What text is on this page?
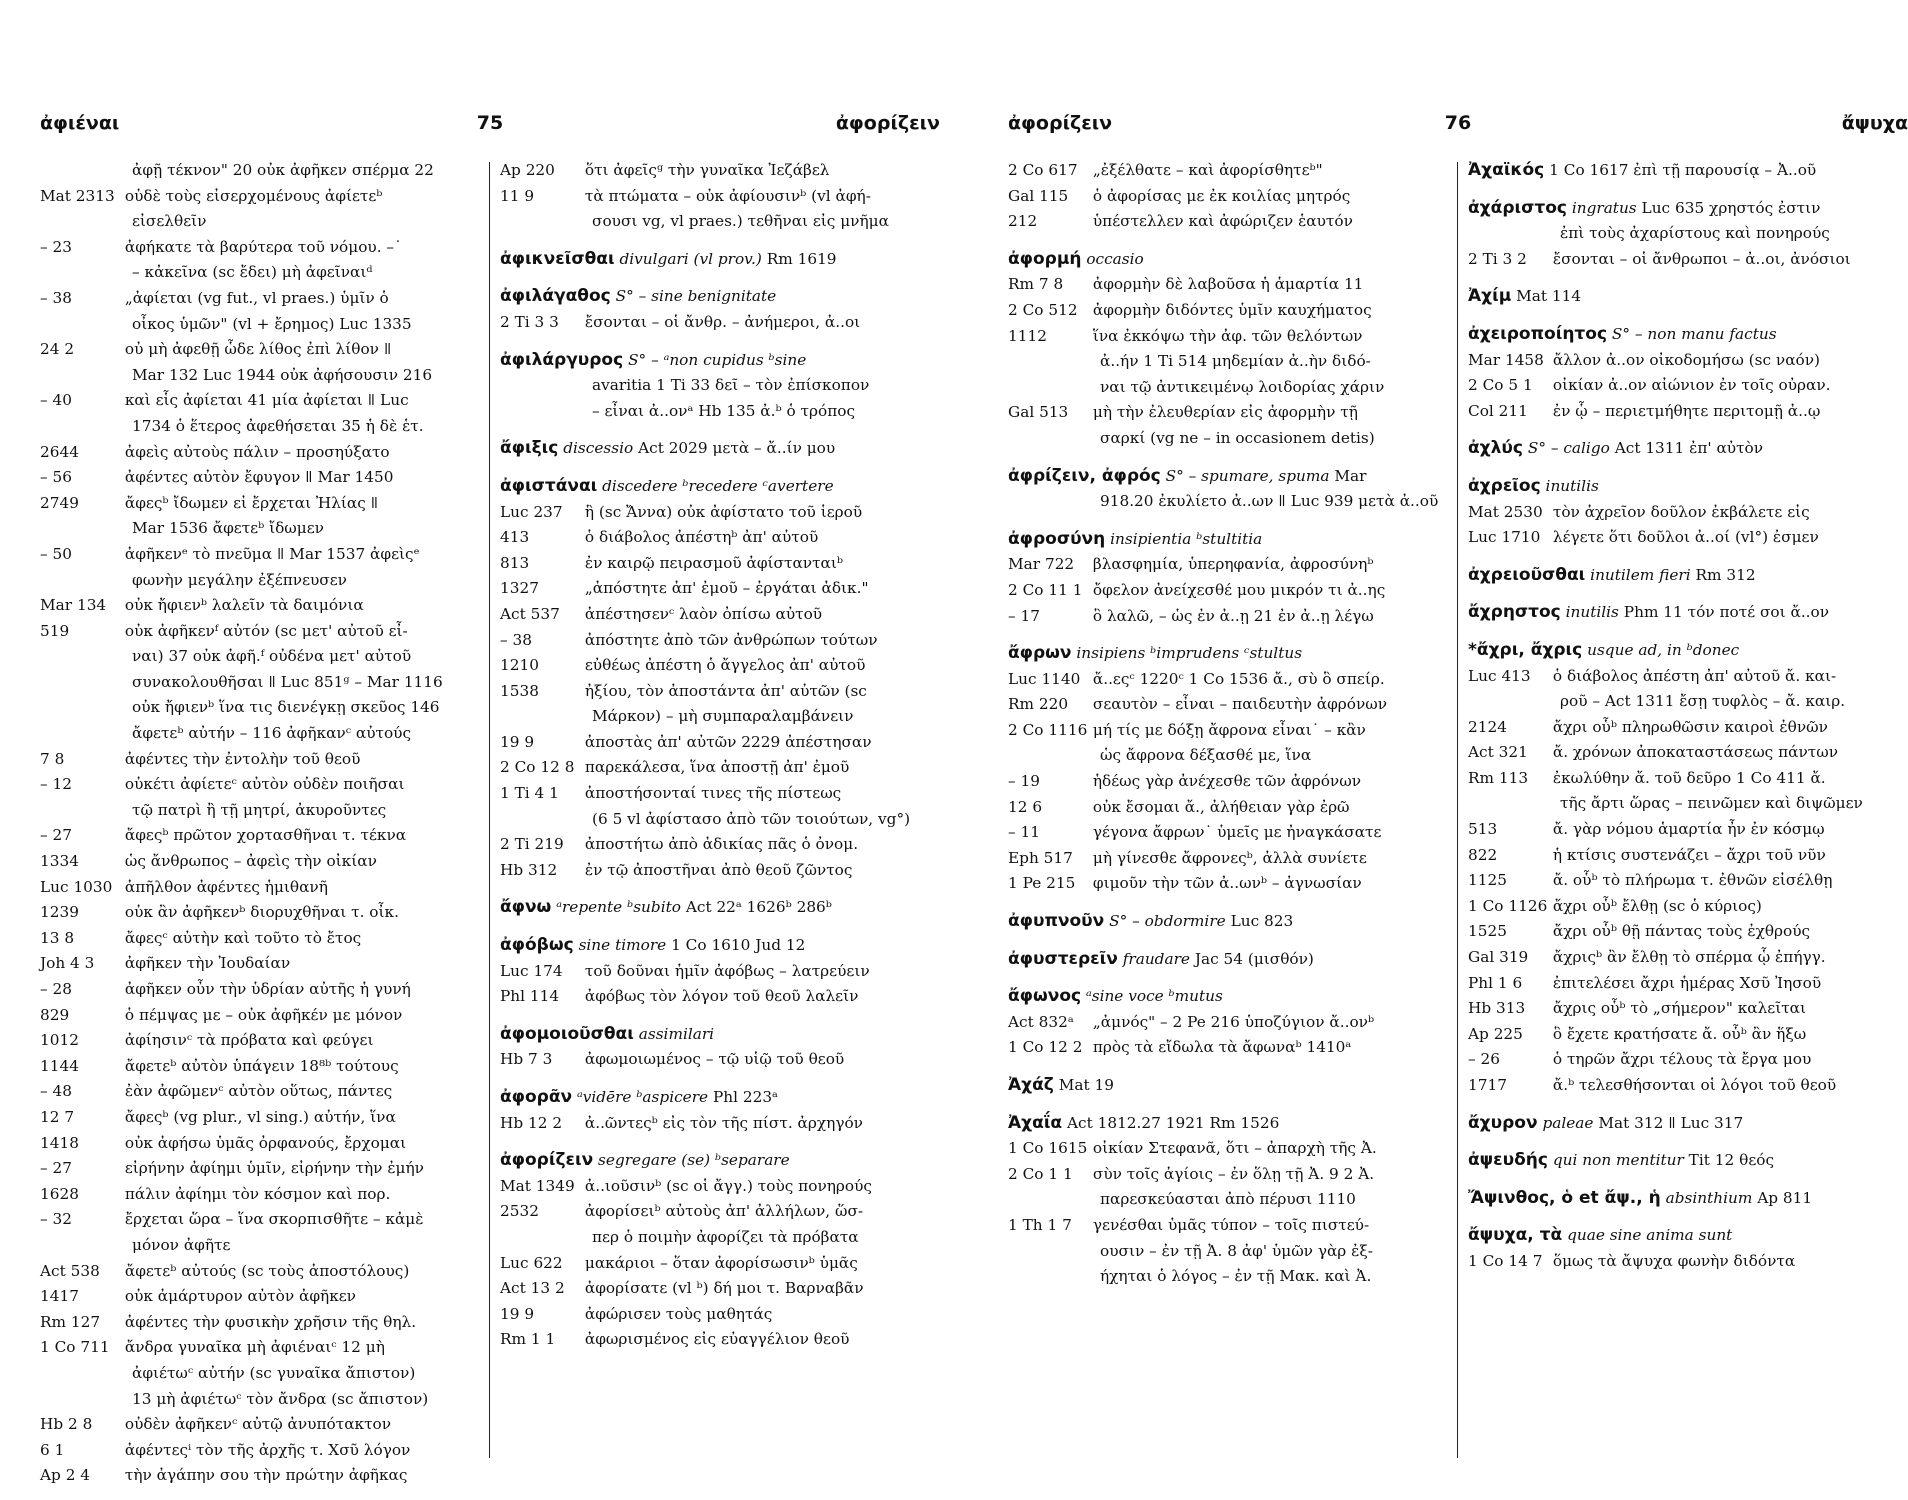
ἀφιέναι	75	ἀφορίζειν
ἀφῇ τέκνον" 20 οὐκ ἀφῆκεν σπέρμα 22
Mat 2313 οὐδὲ τοὺς εἰσερχομένους ἀφίετεᵇ
εἰσελθεῖν
– 23	ἀφήκατε τὰ βαρύτερα τοῦ νόμου. –˙
– κἀκεῖνα (sc ἔδει) μὴ ἀφεῖναιᵈ
– 38	„ἀφίεται (vg fut., vl praes.) ὑμῖν ὁ
οἶκος ὑμῶν" (vl + ἔρημος) Luc 1335
24 2	οὐ μὴ ἀφεθῇ ὧδε λίθος ἐπὶ λίθον ǁ
Mar 132 Luc 1944 οὐκ ἀφήσουσιν 216
– 40	καὶ εἷς ἀφίεται 41 μία ἀφίεται ǁ Luc
1734 ὁ ἕτερος ἀφεθήσεται 35 ἡ δὲ ἑτ.
2644	ἀφεὶς αὐτοὺς πάλιν – προσηύξατο
– 56	ἀφέντες αὐτὸν ἔφυγον ǁ Mar 1450
2749	ἄφεςᵇ ἴδωμεν εἰ ἔρχεται Ἠλίας ǁ
Mar 1536 ἄφετεᵇ ἴδωμεν
– 50	ἀφῆκενᵉ τὸ πνεῦμα ǁ Mar 1537 ἀφεὶςᵉ
φωνὴν μεγάλην ἐξέπνευσεν
Mar 134 οὐκ ἤφιενᵇ λαλεῖν τὰ δαιμόνια
519	οὐκ ἀφῆκενᶠ αὐτόν (sc μετ' αὐτοῦ εἶ-
ναι) 37 οὐκ ἀφῆ.ᶠ οὐδένα μετ' αὐτοῦ
συνακολουθῆσαι ǁ Luc 851ᵍ – Mar 1116
οὐκ ἤφιενᵇ ἵνα τις διενέγκῃ σκεῦος 146
ἄφετεᵇ αὐτήν – 116 ἀφῆκανᶜ αὐτούς
7 8	ἀφέντες τὴν ἐντολὴν τοῦ θεοῦ
– 12	οὐκέτι ἀφίετεᶜ αὐτὸν οὐδὲν ποιῆσαι
τῷ πατρὶ ἢ τῇ μητρί, ἀκυροῦντες
– 27	ἄφεςᵇ πρῶτον χορτασθῆναι τ. τέκνα
1334	ὡς ἄνθρωπος – ἀφεὶς τὴν οἰκίαν
Luc 1030 ἀπῆλθον ἀφέντες ἡμιθανῆ
1239	οὐκ ἂν ἀφῆκενᵇ διορυχθῆναι τ. οἶκ.
13 8	ἄφεςᶜ αὐτὴν καὶ τοῦτο τὸ ἔτος
Joh 4 3 ἀφῆκεν τὴν Ἰουδαίαν
– 28	ἀφῆκεν οὖν τὴν ὑδρίαν αὐτῆς ἡ γυνή
829	ὁ πέμψας με – οὐκ ἀφῆκέν με μόνον
1012	ἀφίησινᶜ τὰ πρόβατα καὶ φεύγει
1144	ἄφετεᵇ αὐτὸν ὑπάγειν 18⁸ᵇ τούτους
– 48	ἐὰν ἀφῶμενᶜ αὐτὸν οὕτως, πάντες
12 7	ἄφεςᵇ (vg plur., vl sing.) αὐτήν, ἵνα
1418	οὐκ ἀφήσω ὑμᾶς ὀρφανούς, ἔρχομαι
– 27	εἰρήνην ἀφίημι ὑμῖν, εἰρήνην τὴν ἐμήν
1628	πάλιν ἀφίημι τὸν κόσμον καὶ πορ.
– 32	ἔρχεται ὥρα – ἵνα σκορπισθῆτε – κἀμὲ
μόνον ἀφῆτε
Act 538 ἄφετεᵇ αὐτούς (sc τοὺς ἀποστόλους)
1417	οὐκ ἀμάρτυρον αὐτὸν ἀφῆκεν
Rm 127 ἀφέντες τὴν φυσικὴν χρῆσιν τῆς θηλ.
1 Co 711 ἄνδρα γυναῖκα μὴ ἀφιέναιᶜ 12 μὴ
ἀφιέτωᶜ αὐτήν (sc γυναῖκα ἄπιστον)
13 μὴ ἀφιέτωᶜ τὸν ἄνδρα (sc ἄπιστον)
Hb 2 8 οὐδὲν ἀφῆκενᶜ αὐτῷ ἀνυπότακτον
6 1	ἀφέντεςⁱ τὸν τῆς ἀρχῆς τ. Χσῦ λόγον
Ap 2 4 τὴν ἀγάπην σου τὴν πρώτην ἀφῆκας
Ap 220 ὅτι ἀφεῖςᵍ τὴν γυναῖκα Ἰεζάβελ
11 9	τὰ πτώματα – οὐκ ἀφίουσινᵇ (vl ἀφή-
σουσι vg, vl praes.) τεθῆναι εἰς μνῆμα
ἀφικνεῖσθαι divulgari (vl prov.) Rm 1619
ἀφιλάγαθος S° – sine benignitate
2 Ti 3 3 ἔσονται – οἱ ἄνθρ. – ἀνήμεροι, ἀ..οι
ἀφιλάργυρος S° – ᵃnon cupidus ᵇsine
avaritia 1 Ti 33 δεῖ – τὸν ἐπίσκοπον
– εἶναι ἀ..ονᵃ Hb 135 ἀ.ᵇ ὁ τρόπος
ἄφιξις discessio Act 2029 μετὰ – ἄ..ίν μου
ἀφιστάναι discedere ᵇrecedere ᶜavertere
Luc 237 ἣ (sc Ἄννα) οὐκ ἀφίστατο τοῦ ἱεροῦ
413	ὁ διάβολος ἀπέστηᵇ ἀπ' αὐτοῦ
813	ἐν καιρῷ πειρασμοῦ ἀφίστανταιᵇ
1327	„ἀπόστητε ἀπ' ἐμοῦ – ἐργάται ἀδικ."
Act 537 ἀπέστησενᶜ λαὸν ὀπίσω αὐτοῦ
– 38	ἀπόστητε ἀπὸ τῶν ἀνθρώπων τούτων
1210	εὐθέως ἀπέστη ὁ ἄγγελος ἀπ' αὐτοῦ
1538	ἠξίου, τὸν ἀποστάντα ἀπ' αὐτῶν (sc
Μάρκον) – μὴ συμπαραλαμβάνειν
19 9	ἀποστὰς ἀπ' αὐτῶν 2229 ἀπέστησαν
2 Co 12 8 παρεκάλεσα, ἵνα ἀποστῇ ἀπ' ἐμοῦ
1 Ti 4 1 ἀποστήσονταί τινες τῆς πίστεως
(6 5 vl ἀφίστασο ἀπὸ τῶν τοιούτων, vg°)
2 Ti 219 ἀποστήτω ἀπὸ ἀδικίας πᾶς ὁ ὀνομ.
Hb 312 ἐν τῷ ἀποστῆναι ἀπὸ θεοῦ ζῶντος
ἄφνω ᵃrepente ᵇsubito Act 22ᵃ 1626ᵇ 286ᵇ
ἀφόβως sine timore 1 Co 1610 Jud 12
Luc 174 τοῦ δοῦναι ἡμῖν ἀφόβως – λατρεύειν
Phl 114 ἀφόβως τὸν λόγον τοῦ θεοῦ λαλεῖν
ἀφομοιοῦσθαι assimilari
Hb 7 3 ἀφωμοιωμένος – τῷ υἱῷ τοῦ θεοῦ
ἀφορᾶν ᵃvidēre ᵇaspicere Phl 223ᵃ
Hb 12 2 ἀ..ῶντεςᵇ εἰς τὸν τῆς πίστ. ἀρχηγόν
ἀφορίζειν segregare (se) ᵇseparare
Mat 1349 ἀ..ιοῦσινᵇ (sc οἱ ἄγγ.) τοὺς πονηρούς
2532	ἀφορίσειᵇ αὐτοὺς ἀπ' ἀλλήλων, ὥσ-
περ ὁ ποιμὴν ἀφορίζει τὰ πρόβατα
Luc 622 μακάριοι – ὅταν ἀφορίσωσινᵇ ὑμᾶς
Act 13 2 ἀφορίσατε (vl ᵇ) δή μοι τ. Βαρναβᾶν
19 9	ἀφώρισεν τοὺς μαθητάς
Rm 1 1 ἀφωρισμένος εἰς εὐαγγέλιον θεοῦ
ἀφορίζειν	76	ἄψυχα
2 Co 617 „ἐξέλθατε – καὶ ἀφορίσθητεᵇ"
Gal 115 ὁ ἀφορίσας με ἐκ κοιλίας μητρός
212	ὑπέστελλεν καὶ ἀφώριζεν ἑαυτόν
ἀφορμή occasio
Rm 7 8 ἀφορμὴν δὲ λαβοῦσα ἡ ἁμαρτία 11
2 Co 512 ἀφορμὴν διδόντες ὑμῖν καυχήματος
1112	ἵνα ἐκκόψω τὴν ἀφ. τῶν θελόντων
ἀ..ήν 1 Ti 514 μηδεμίαν ἀ..ὴν διδό-
ναι τῷ ἀντικειμένῳ λοιδορίας χάριν
Gal 513 μὴ τὴν ἐλευθερίαν εἰς ἀφορμὴν τῇ
σαρκί (vg ne – in occasionem detis)
ἀφρίζειν, ἀφρός S° – spumare, spuma Mar
918.20 ἐκυλίετο ἀ..ων ǁ Luc 939 μετὰ ἀ..οῦ
ἀφροσύνη insipientia ᵇstultitia
Mar 722 βλασφημία, ὑπερηφανία, ἀφροσύνηᵇ
2 Co 11 1 ὄφελον ἀνείχεσθέ μου μικρόν τι ἀ..ης
– 17	ὃ λαλῶ, – ὡς ἐν ἀ..ῃ 21 ἐν ἀ..ῃ λέγω
ἄφρων insipiens ᵇimprudens ᶜstultus
Luc 1140 ἄ..εςᶜ 1220ᶜ 1 Co 1536 ἄ., σὺ ὃ σπείρ.
Rm 220 σεαυτὸν – εἶναι – παιδευτὴν ἀφρόνων
2 Co 1116 μή τίς με δόξῃ ἄφρονα εἶναι˙ – κἂν
ὡς ἄφρονα δέξασθέ με, ἵνα
– 19	ἡδέως γὰρ ἀνέχεσθε τῶν ἀφρόνων
12 6	οὐκ ἔσομαι ἄ., ἀλήθειαν γὰρ ἐρῶ
– 11	γέγονα ἄφρων˙ ὑμεῖς με ἠναγκάσατε
Eph 517 μὴ γίνεσθε ἄφρονεςᵇ, ἀλλὰ συνίετε
1 Pe 215 φιμοῦν τὴν τῶν ἀ..ωνᵇ – ἀγνωσίαν
ἀφυπνοῦν S° – obdormire Luc 823
ἀφυστερεῖν fraudare Jac 54 (μισθόν)
ἄφωνος ᵃsine voce ᵇmutus
Act 832ᵃ „ἀμνός" – 2 Pe 216 ὑποζύγιον ἄ..ονᵇ
1 Co 12 2 πρὸς τὰ εἴδωλα τὰ ἄφωναᵇ 1410ᵃ
Ἀχάζ Mat 19
Ἀχαΐα Act 1812.27 1921 Rm 1526
1 Co 1615 οἰκίαν Στεφανᾶ, ὅτι – ἀπαρχὴ τῆς Ἀ.
2 Co 1 1 σὺν τοῖς ἁγίοις – ἐν ὅλῃ τῇ Ἀ. 9 2 Ἀ.
παρεσκεύασται ἀπὸ πέρυσι 1110
1 Th 1 7 γενέσθαι ὑμᾶς τύπον – τοῖς πιστεύ-
ουσιν – ἐν τῇ Ἀ. 8 ἀφ' ὑμῶν γὰρ ἐξ-
ήχηται ὁ λόγος – ἐν τῇ Μακ. καὶ Ἀ.
Ἀχαϊκός 1 Co 1617 ἐπὶ τῇ παρουσίᾳ – Ἀ..οῦ
ἀχάριστος ingratus Luc 635 χρηστός ἐστιν
ἐπὶ τοὺς ἀχαρίστους καὶ πονηρούς
2 Ti 3 2 ἔσονται – οἱ ἄνθρωποι – ἀ..οι, ἀνόσιοι
Ἀχίμ Mat 114
ἀχειροποίητος S° – non manu factus
Mar 1458 ἄλλον ἀ..ον οἰκοδομήσω (sc ναόν)
2 Co 5 1 οἰκίαν ἀ..ον αἰώνιον ἐν τοῖς οὐραν.
Col 211 ἐν ᾧ – περιετμήθητε περιτομῇ ἀ..ῳ
ἀχλύς S° – caligo Act 1311 ἐπ' αὐτὸν
ἀχρεῖος inutilis
Mat 2530 τὸν ἀχρεῖον δοῦλον ἐκβάλετε εἰς
Luc 1710 λέγετε ὅτι δοῦλοι ἀ..οί (vl°) ἐσμεν
ἀχρειοῦσθαι inutilem fieri Rm 312
ἄχρηστος inutilis Phm 11 τόν ποτέ σοι ἄ..ον
*ἄχρι, ἄχρις usque ad, in ᵇdonec
Luc 413 ὁ διάβολος ἀπέστη ἀπ' αὐτοῦ ἄ. και-
ροῦ – Act 1311 ἔσῃ τυφλὸς – ἄ. καιρ.
2124	ἄχρι οὗᵇ πληρωθῶσιν καιροὶ ἐθνῶν
Act 321 ἄ. χρόνων ἀποκαταστάσεως πάντων
Rm 113 ἐκωλύθην ἄ. τοῦ δεῦρο 1 Co 411 ἄ.
τῆς ἄρτι ὥρας – πεινῶμεν καὶ διψῶμεν
513	ἄ. γὰρ νόμου ἁμαρτία ἦν ἐν κόσμῳ
822	ἡ κτίσις συστενάζει – ἄχρι τοῦ νῦν
1125	ἄ. οὗᵇ τὸ πλήρωμα τ. ἐθνῶν εἰσέλθῃ
1 Co 1126 ἄχρι οὗᵇ ἔλθῃ (sc ὁ κύριος)
1525	ἄχρι οὗᵇ θῇ πάντας τοὺς ἐχθρούς
Gal 319 ἄχριςᵇ ἂν ἔλθῃ τὸ σπέρμα ᾧ ἐπήγγ.
Phl 1 6 ἐπιτελέσει ἄχρι ἡμέρας Χσῦ Ἰησοῦ
Hb 313 ἄχρις οὗᵇ τὸ „σήμερον" καλεῖται
Ap 225 ὃ ἔχετε κρατήσατε ἄ. οὗᵇ ἂν ἥξω
– 26	ὁ τηρῶν ἄχρι τέλους τὰ ἔργα μου
1717	ἄ.ᵇ τελεσθήσονται οἱ λόγοι τοῦ θεοῦ
ἄχυρον paleae Mat 312 ǁ Luc 317
ἀψευδής qui non mentitur Tit 12 θεός
Ἄψινθος, ὁ et ἄψ., ἡ absinthium Ap 811
ἄψυχα, τὰ quae sine anima sunt
1 Co 14 7 ὅμως τὰ ἄψυχα φωνὴν διδόντα
